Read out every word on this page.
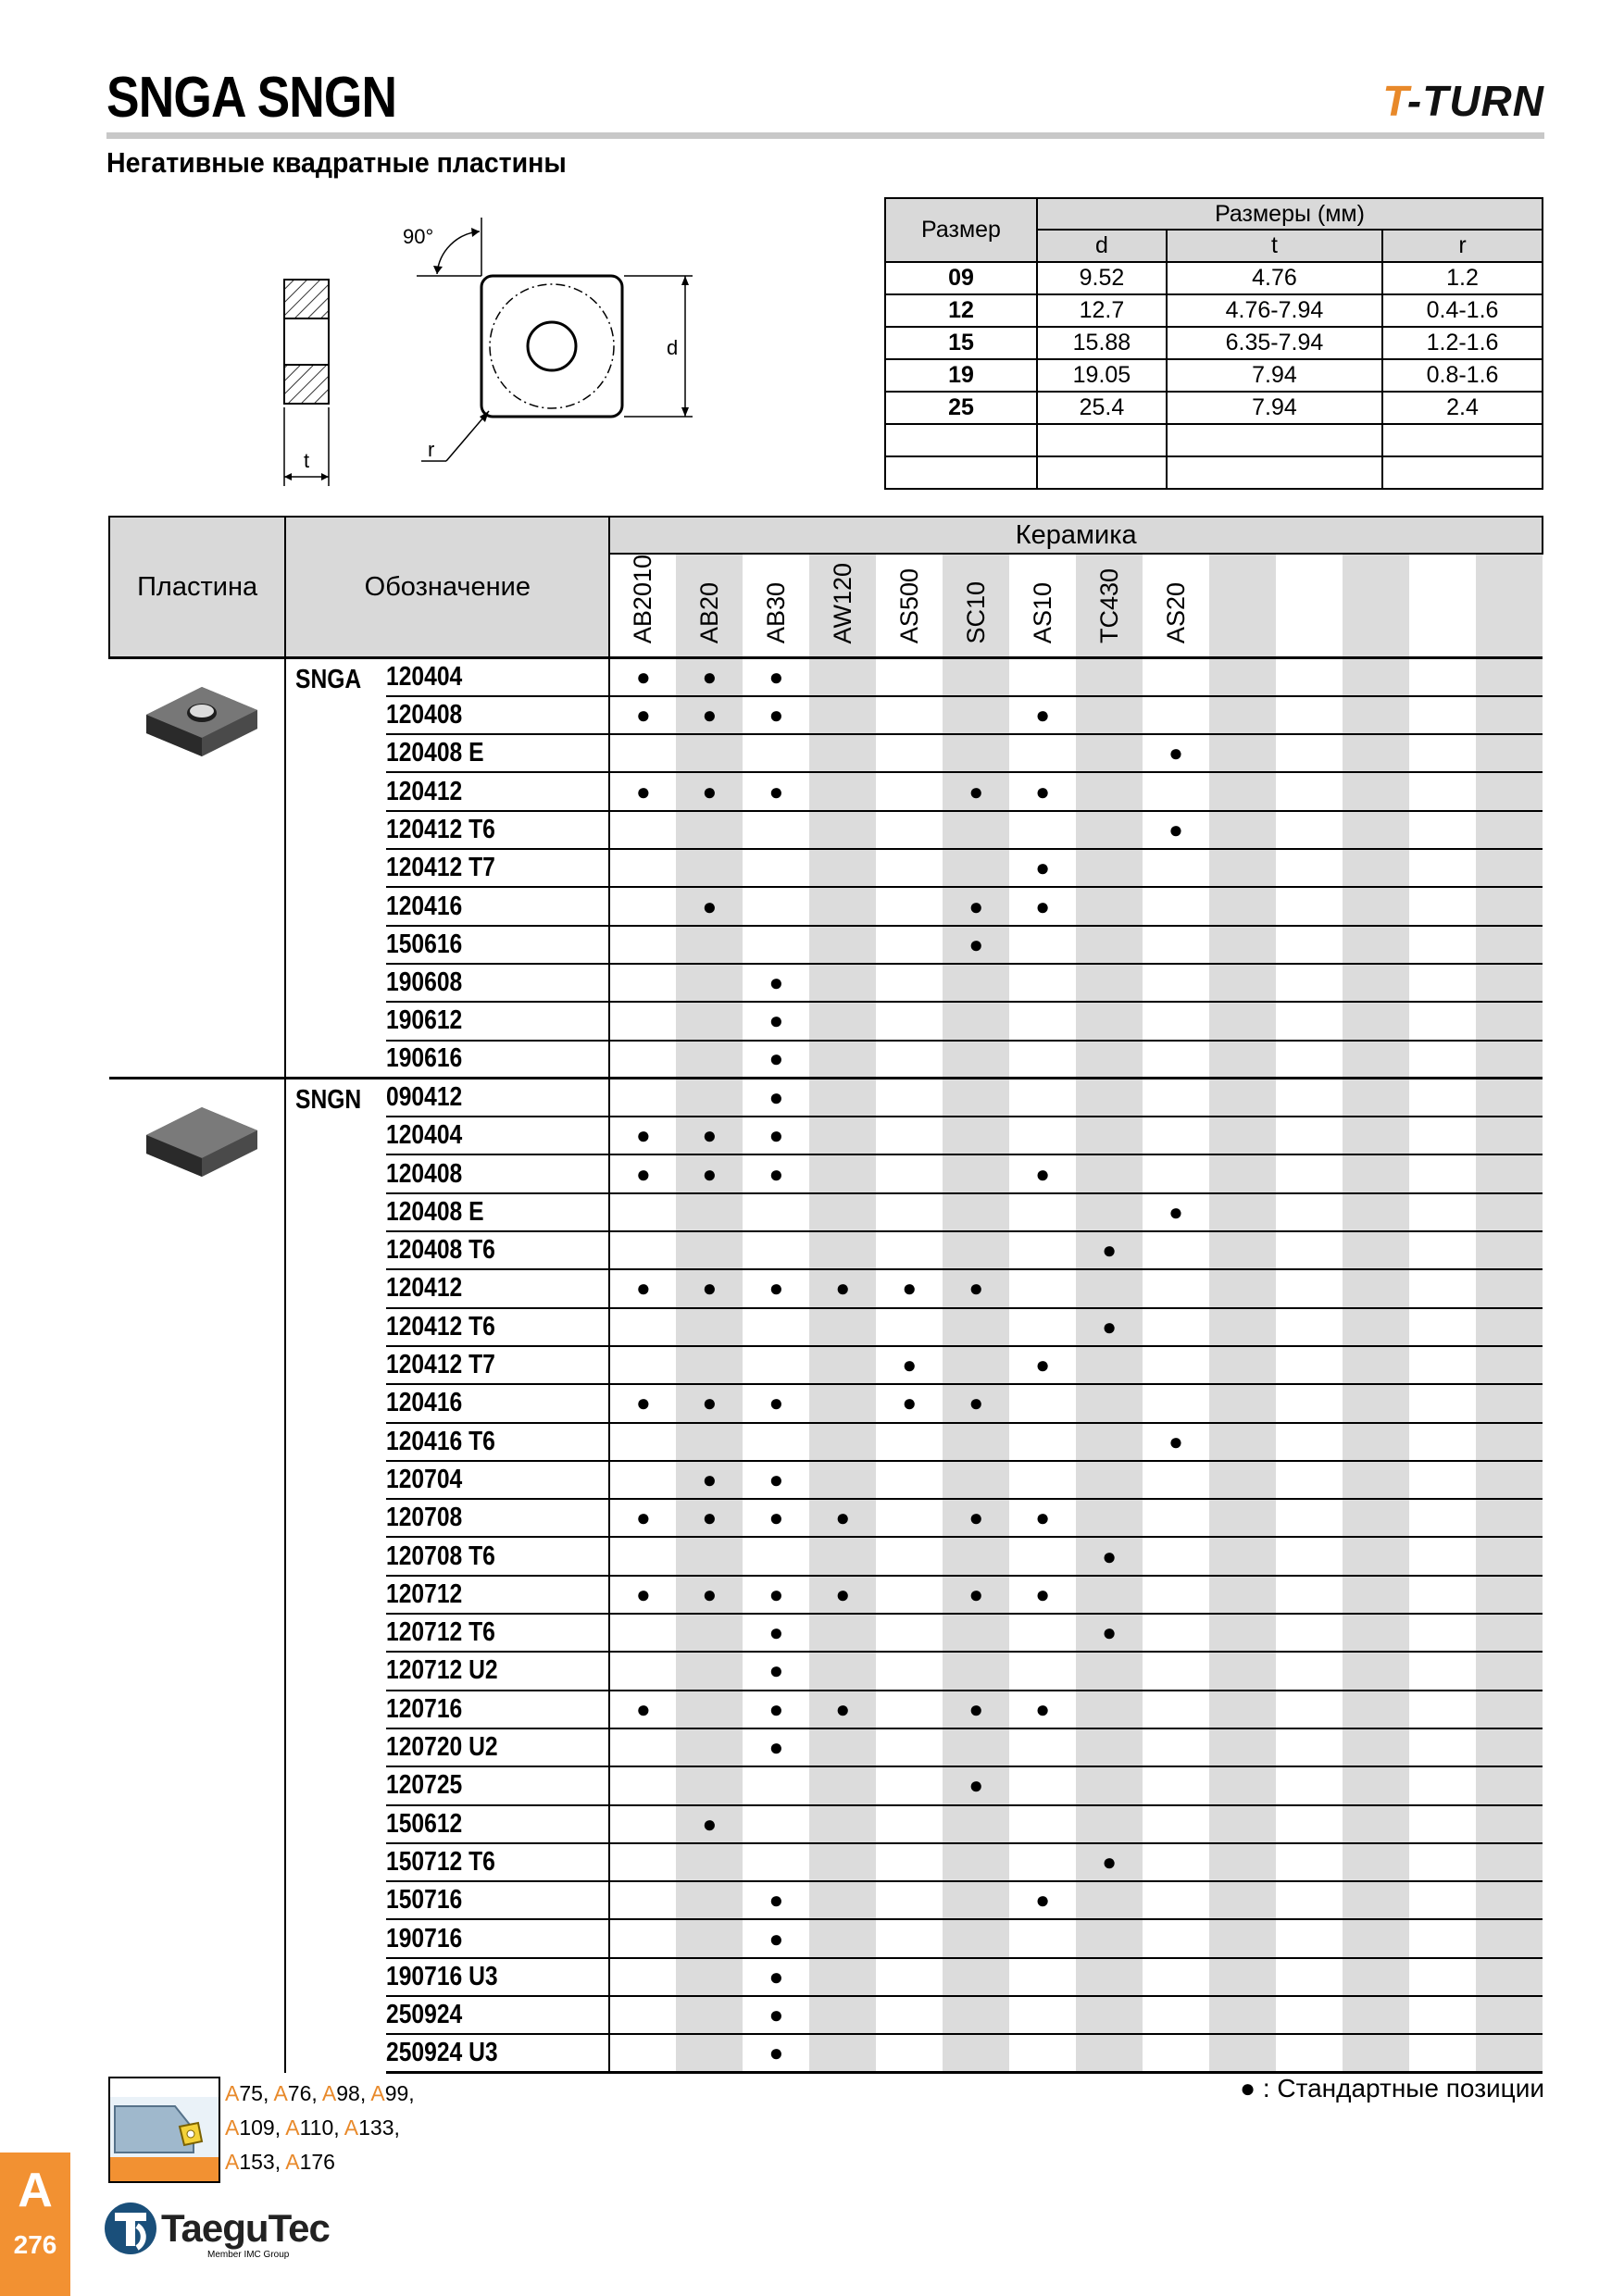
SNGA SNGN	T-TURN
Негативные квадратные пластины
t
d
90°
r
Размер	Размеры (мм)		
	d	t	r
09	9.52	4.76	1.2
12	12.7	4.76-7.94	0.4-1.6
15	15.88	6.35-7.94	1.2-1.6
19	19.05	7.94	0.8-1.6
25	25.4	7.94	2.4

Пластина	Обозначение		Керамика													
			AB2010	AB20	AB30	AW120	AS500	SC10	AS10	TC430	AS20					
	SNGA	120404	●	●	●											
		120408	●	●	●				●							
		120408 E									●					
		120412	●	●	●			●	●							
		120412 T6									●					
		120412 T7							●							
		120416		●				●	●							
		150616						●								
		190608			●											
		190612			●											
		190616			●											
	SNGN	090412			●											
		120404	●	●	●											
		120408	●	●	●				●							
		120408 E									●					
		120408 T6								●						
		120412	●	●	●	●	●	●								
		120412 T6								●						
		120412 T7					●		●							
		120416	●	●	●		●	●								
		120416 T6									●					
		120704		●	●											
		120708	●	●	●	●		●	●							
		120708 T6								●						
		120712	●	●	●	●		●	●							
		120712 T6			●					●						
		120712 U2			●											
		120716	●		●	●		●	●							
		120720 U2			●											
		120725						●								
		150612		●												
		150712 T6								●						
		150716			●				●							
		190716			●											
		190716 U3			●											
		250924			●											
		250924 U3			●											
A75, A76, A98, A99,
A109, A110, A133,
A153, A176
● : Стандартные позиции
A
276	TaeguTec
Member IMC Group
